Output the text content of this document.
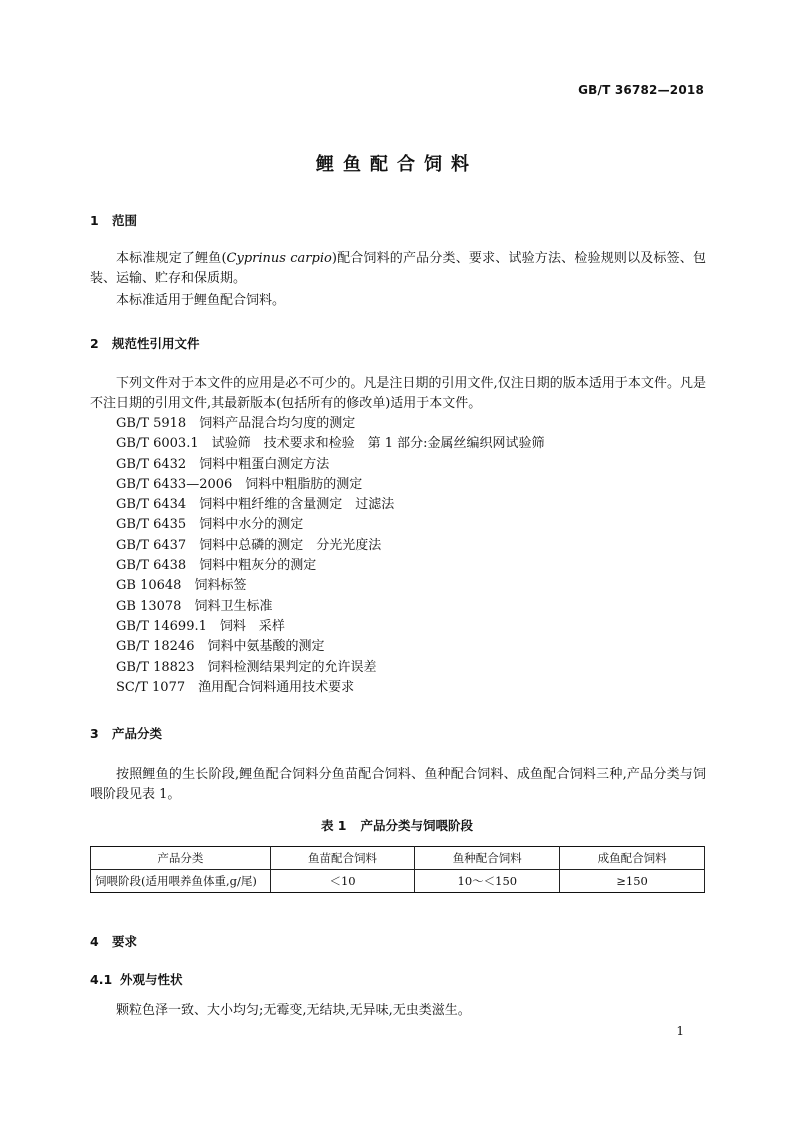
GB/T 36782—2018
鲤鱼配合饲料
1 范围

本标准规定了鲤鱼(Cyprinus carpio)配合饲料的产品分类、要求、试验方法、检验规则以及标签、包装、运输、贮存和保质期。

本标准适用于鲤鱼配合饲料。

2 规范性引用文件

下列文件对于本文件的应用是必不可少的。凡是注日期的引用文件,仅注日期的版本适用于本文件。凡是不注日期的引用文件,其最新版本(包括所有的修改单)适用于本文件。

GB/T 5918 饲料产品混合均匀度的测定
GB/T 6003.1 试验筛　技术要求和检验　第 1 部分:金属丝编织网试验筛
GB/T 6432 饲料中粗蛋白测定方法
GB/T 6433—2006 饲料中粗脂肪的测定
GB/T 6434 饲料中粗纤维的含量测定　过滤法
GB/T 6435 饲料中水分的测定
GB/T 6437 饲料中总磷的测定　分光光度法
GB/T 6438 饲料中粗灰分的测定
GB 10648 饲料标签
GB 13078 饲料卫生标准
GB/T 14699.1 饲料　采样
GB/T 18246 饲料中氨基酸的测定
GB/T 18823 饲料检测结果判定的允许误差
SC/T 1077 渔用配合饲料通用技术要求
3 产品分类

按照鲤鱼的生长阶段,鲤鱼配合饲料分鱼苗配合饲料、鱼种配合饲料、成鱼配合饲料三种,产品分类与饲喂阶段见表 1。

表 1 产品分类与饲喂阶段
产品分类	鱼苗配合饲料	鱼种配合饲料	成鱼配合饲料
饲喂阶段(适用喂养鱼体重,g/尾)	＜10	10～＜150	≥150
4 要求
4.1 外观与性状

颗粒色泽一致、大小均匀;无霉变,无结块,无异味,无虫类滋生。

1
